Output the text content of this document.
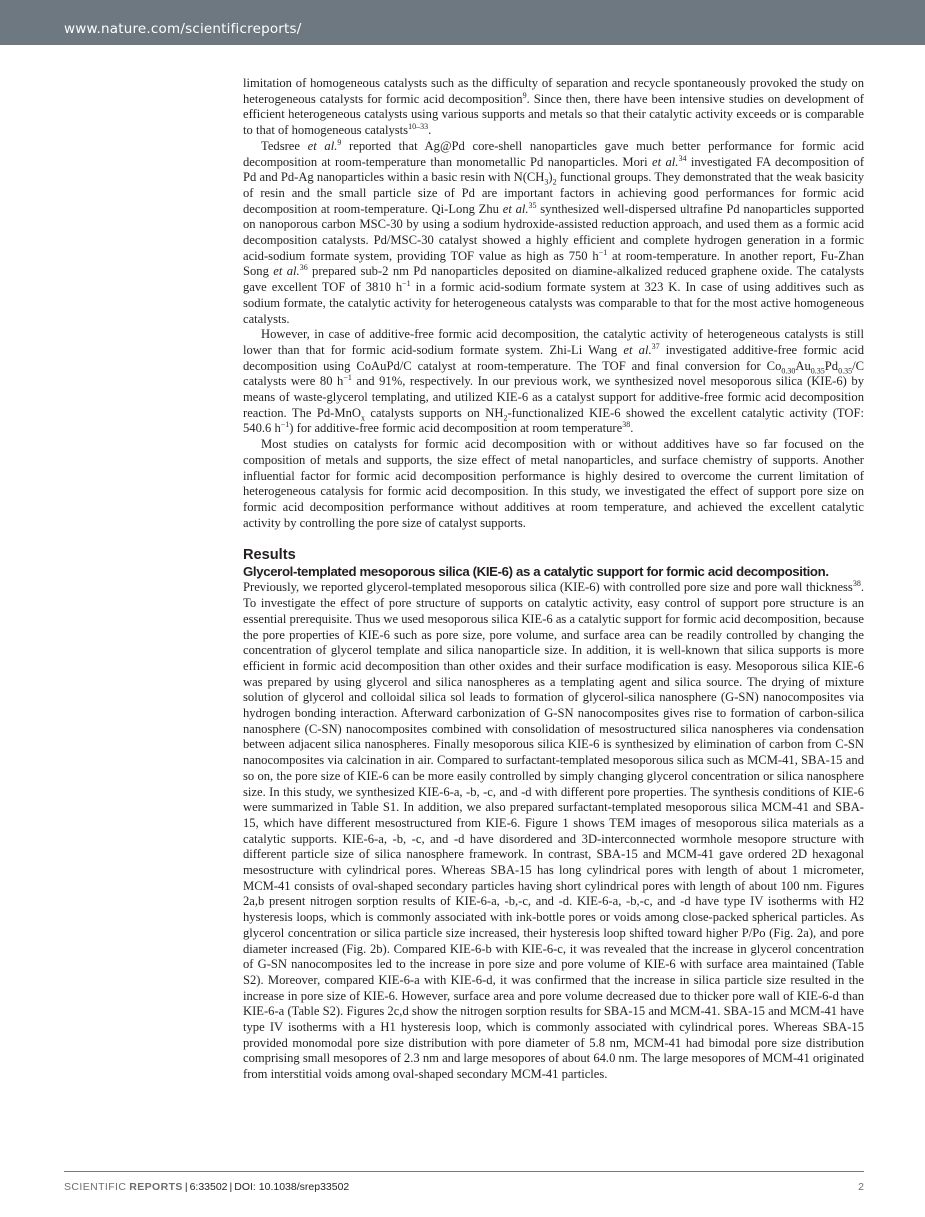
www.nature.com/scientificreports/

limitation of homogeneous catalysts such as the difficulty of separation and recycle spontaneously provoked the study on heterogeneous catalysts for formic acid decomposition$^9$. Since then, there have been intensive studies on development of efficient heterogeneous catalysts using various supports and metals so that their catalytic activity exceeds or is comparable to that of homogeneous catalysts$^{10-33}$.

Tedsree et al.$^9$ reported that Ag@Pd core-shell nanoparticles gave much better performance for formic acid decomposition at room-temperature than monometallic Pd nanoparticles. Mori et al.$^{34}$ investigated FA decomposition of Pd and Pd-Ag nanoparticles within a basic resin with $N(CH_3)_2$ functional groups. They demonstrated that the weak basicity of resin and the small particle size of Pd are important factors in achieving good performances for formic acid decomposition at room-temperature. Qi-Long Zhu et al.$^{35}$ synthesized well-dispersed ultrafine Pd nanoparticles supported on nanoporous carbon MSC-30 by using a sodium hydroxide-assisted reduction approach, and used them as a formic acid decomposition catalysts. Pd/MSC-30 catalyst showed a highly efficient and complete hydrogen generation in a formic acid-sodium formate system, providing TOF value as high as 750 $h^{-1}$ at room-temperature. In another report, Fu-Zhan Song et al.$^{36}$ prepared sub-2 nm Pd nanoparticles deposited on diamine-alkalized reduced graphene oxide. The catalysts gave excellent TOF of 3810 $h^{-1}$ in a formic acid-sodium formate system at 323 K. In case of using additives such as sodium formate, the catalytic activity for heterogeneous catalysts was comparable to that for the most active homogeneous catalysts.

However, in case of additive-free formic acid decomposition, the catalytic activity of heterogeneous catalysts is still lower than that for formic acid-sodium formate system. Zhi-Li Wang et al.$^{37}$ investigated additive-free formic acid decomposition using CoAuPd/C catalyst at room-temperature. The TOF and final conversion for $Co_{0.30}Au_{0.35}Pd_{0.35}/C$ catalysts were 80 $h^{-1}$ and 91%, respectively. In our previous work, we synthesized novel mesoporous silica (KIE-6) by means of waste-glycerol templating, and utilized KIE-6 as a catalyst support for additive-free formic acid decomposition reaction. The Pd-MnO$_x$ catalysts supports on $NH_2$-functionalized KIE-6 showed the excellent catalytic activity (TOF: 540.6 $h^{-1}$) for additive-free formic acid decomposition at room temperature$^{38}$.

Most studies on catalysts for formic acid decomposition with or without additives have so far focused on the composition of metals and supports, the size effect of metal nanoparticles, and surface chemistry of supports. Another influential factor for formic acid decomposition performance is highly desired to overcome the current limitation of heterogeneous catalysis for formic acid decomposition. In this study, we investigated the effect of support pore size on formic acid decomposition performance without additives at room temperature, and achieved the excellent catalytic activity by controlling the pore size of catalyst supports.

Results
Glycerol-templated mesoporous silica (KIE-6) as a catalytic support for formic acid decomposition.

Previously, we reported glycerol-templated mesoporous silica (KIE-6) with controlled pore size and pore wall thickness$^{38}$. To investigate the effect of pore structure of supports on catalytic activity, easy control of support pore structure is an essential prerequisite. Thus we used mesoporous silica KIE-6 as a catalytic support for formic acid decomposition, because the pore properties of KIE-6 such as pore size, pore volume, and surface area can be readily controlled by changing the concentration of glycerol template and silica nanoparticle size. In addition, it is well-known that silica supports is more efficient in formic acid decomposition than other oxides and their surface modification is easy. Mesoporous silica KIE-6 was prepared by using glycerol and silica nanospheres as a templating agent and silica source. The drying of mixture solution of glycerol and colloidal silica sol leads to formation of glycerol-silica nanosphere (G-SN) nanocomposites via hydrogen bonding interaction. Afterward carbonization of G-SN nanocomposites gives rise to formation of carbon-silica nanosphere (C-SN) nanocomposites combined with consolidation of mesostructured silica nanospheres via condensation between adjacent silica nanospheres. Finally mesoporous silica KIE-6 is synthesized by elimination of carbon from C-SN nanocomposites via calcination in air. Compared to surfactant-templated mesoporous silica such as MCM-41, SBA-15 and so on, the pore size of KIE-6 can be more easily controlled by simply changing glycerol concentration or silica nanosphere size. In this study, we synthesized KIE-6-a, -b, -c, and -d with different pore properties. The synthesis conditions of KIE-6 were summarized in Table S1. In addition, we also prepared surfactant-templated mesoporous silica MCM-41 and SBA-15, which have different mesostructured from KIE-6. Figure 1 shows TEM images of mesoporous silica materials as a catalytic supports. KIE-6-a, -b, -c, and -d have disordered and 3D-interconnected wormhole mesopore structure with different particle size of silica nanosphere framework. In contrast, SBA-15 and MCM-41 gave ordered 2D hexagonal mesostructure with cylindrical pores. Whereas SBA-15 has long cylindrical pores with length of about 1 micrometer, MCM-41 consists of oval-shaped secondary particles having short cylindrical pores with length of about 100 nm. Figures 2a,b present nitrogen sorption results of KIE-6-a, -b,-c, and -d. KIE-6-a, -b,-c, and -d have type IV isotherms with H2 hysteresis loops, which is commonly associated with ink-bottle pores or voids among close-packed spherical particles. As glycerol concentration or silica particle size increased, their hysteresis loop shifted toward higher P/Po (Fig. 2a), and pore diameter increased (Fig. 2b). Compared KIE-6-b with KIE-6-c, it was revealed that the increase in glycerol concentration of G-SN nanocomposites led to the increase in pore size and pore volume of KIE-6 with surface area maintained (Table S2). Moreover, compared KIE-6-a with KIE-6-d, it was confirmed that the increase in silica particle size resulted in the increase in pore size of KIE-6. However, surface area and pore volume decreased due to thicker pore wall of KIE-6-d than KIE-6-a (Table S2). Figures 2c,d show the nitrogen sorption results for SBA-15 and MCM-41. SBA-15 and MCM-41 have type IV isotherms with a H1 hysteresis loop, which is commonly associated with cylindrical pores. Whereas SBA-15 provided monomodal pore size distribution with pore diameter of 5.8 nm, MCM-41 had bimodal pore size distribution comprising small mesopores of 2.3 nm and large mesopores of about 64.0 nm. The large mesopores of MCM-41 originated from interstitial voids among oval-shaped secondary MCM-41 particles.

SCIENTIFIC REPORTS | 6:33502 | DOI: 10.1038/srep33502	2
